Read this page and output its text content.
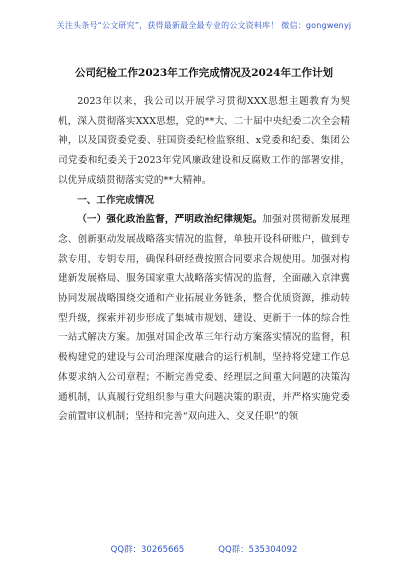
关注头条号“公文研究”，获得最新最全最专业的公文资料库！ 微信：gongwenyj
公司纪检工作2023年工作完成情况及2024年工作计划

2023年以来，我公司以开展学习贯彻XXX思想主题教育为契机，深入贯彻落实XXX思想，党的**大、二十届中央纪委二次全会精神，以及国资委党委、驻国资委纪检监察组、x党委和纪委、集团公司党委和纪委关于2023年党风廉政建设和反腐败工作的部署安排，以优异成绩贯彻落实党的**大精神。

一、工作完成情况

（一）强化政治监督，严明政治纪律规矩。加强对贯彻新发展理念、创新驱动发展战略落实情况的监督，单独开设科研账户，做到专款专用、专钥专用，确保科研经费按照合同要求合规使用。加强对构建新发展格局、服务国家重大战略落实情况的监督，全面融入京津冀协同发展战略围绕交通和产业拓展业务链条，整合优质资源，推动转型升级，探索并初步形成了集城市规划、建设、更新于一体的综合性一站式解决方案。加强对国企改革三年行动方案落实情况的监督，积极构建党的建设与公司治理深度融合的运行机制，坚持将党建工作总体要求纳入公司章程；不断完善党委、经理层之间重大问题的决策沟通机制，认真履行党组织参与重大问题决策的职责，并严格实施党委会前置审议机制；坚持和完善“双向进入、交叉任职”的领

QQ群：30265665	QQ群：535304092
